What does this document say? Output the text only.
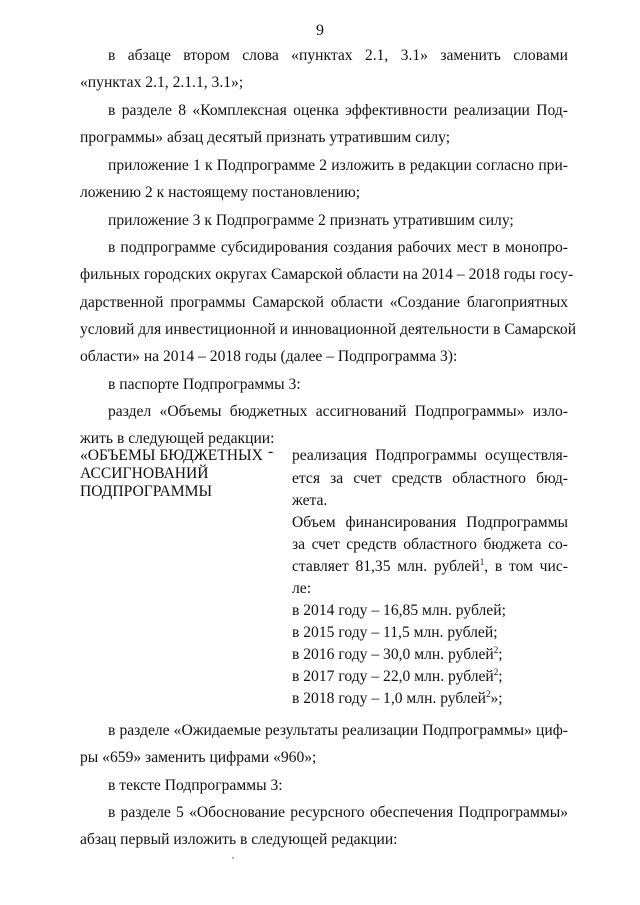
9
в абзаце втором слова «пунктах 2.1, 3.1» заменить словами
«пунктах 2.1, 2.1.1, 3.1»;
в разделе 8 «Комплексная оценка эффективности реализации Под-
программы» абзац десятый признать утратившим силу;
приложение 1 к Подпрограмме 2 изложить в редакции согласно при-
ложению 2 к настоящему постановлению;
приложение 3 к Подпрограмме 2 признать утратившим силу;
в подпрограмме субсидирования создания рабочих мест в монопро-
фильных городских округах Самарской области на 2014 – 2018 годы госу-
дарственной программы Самарской области «Создание благоприятных
условий для инвестиционной и инновационной деятельности в Самарской
области» на 2014 – 2018 годы (далее – Подпрограмма 3):
в паспорте Подпрограммы 3:
раздел «Объемы бюджетных ассигнований Подпрограммы» изло-
жить в следующей редакции:
«ОБЪЕМЫ БЮДЖЕТНЫХ
АССИГНОВАНИЙ
ПОДПРОГРАММЫ
- реализация Подпрограммы осуществля-
ется за счет средств областного бюд-
жета.
Объем финансирования Подпрограммы
за счет средств областного бюджета со-
ставляет 81,35 млн. рублей$^1$, в том чис-
ле:
в 2014 году – 16,85 млн. рублей;
в 2015 году – 11,5 млн. рублей;
в 2016 году – 30,0 млн. рублей$^2$;
в 2017 году – 22,0 млн. рублей$^2$;
в 2018 году – 1,0 млн. рублей$^2$»;
в разделе «Ожидаемые результаты реализации Подпрограммы» циф-
ры «659» заменить цифрами «960»;
в тексте Подпрограммы 3:
в разделе 5 «Обоснование ресурсного обеспечения Подпрограммы»
абзац первый изложить в следующей редакции:
